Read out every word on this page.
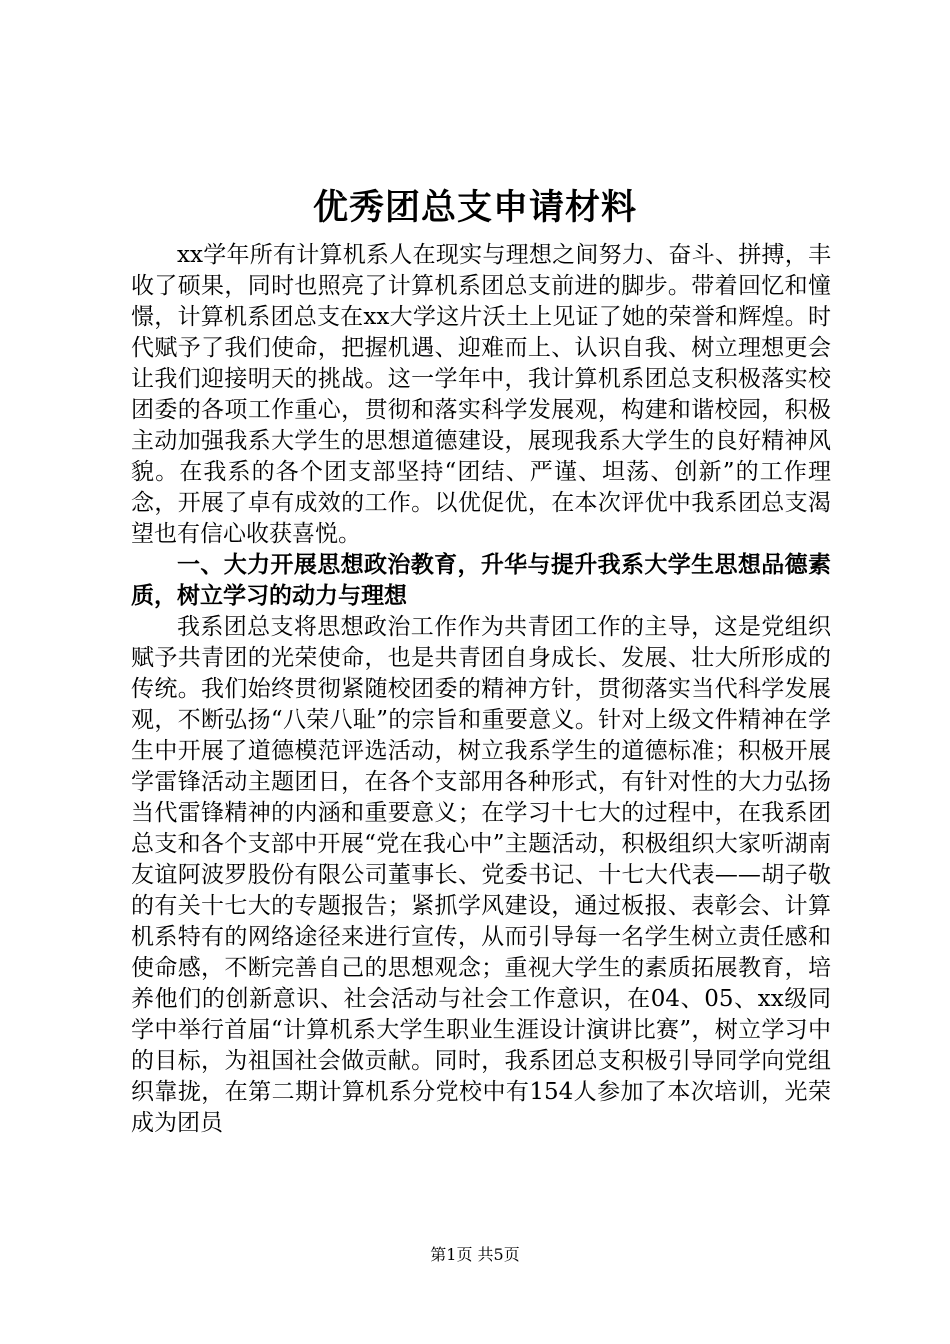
优秀团总支申请材料

xx学年所有计算机系人在现实与理想之间努力、奋斗、拼搏，丰收了硕果，同时也照亮了计算机系团总支前进的脚步。带着回忆和憧憬，计算机系团总支在xx大学这片沃土上见证了她的荣誉和辉煌。时代赋予了我们使命，把握机遇、迎难而上、认识自我、树立理想更会让我们迎接明天的挑战。这一学年中，我计算机系团总支积极落实校团委的各项工作重心，贯彻和落实科学发展观，构建和谐校园，积极主动加强我系大学生的思想道德建设，展现我系大学生的良好精神风貌。在我系的各个团支部坚持“团结、严谨、坦荡、创新”的工作理念，开展了卓有成效的工作。以优促优，在本次评优中我系团总支渴望也有信心收获喜悦。

一、大力开展思想政治教育，升华与提升我系大学生思想品德素质，树立学习的动力与理想

我系团总支将思想政治工作作为共青团工作的主导，这是党组织赋予共青团的光荣使命，也是共青团自身成长、发展、壮大所形成的传统。我们始终贯彻紧随校团委的精神方针，贯彻落实当代科学发展观，不断弘扬“八荣八耻”的宗旨和重要意义。针对上级文件精神在学生中开展了道德模范评选活动，树立我系学生的道德标准；积极开展学雷锋活动主题团日，在各个支部用各种形式，有针对性的大力弘扬当代雷锋精神的内涵和重要意义；在学习十七大的过程中，在我系团总支和各个支部中开展“党在我心中”主题活动，积极组织大家听湖南友谊阿波罗股份有限公司董事长、党委书记、十七大代表——胡子敬的有关十七大的专题报告；紧抓学风建设，通过板报、表彰会、计算机系特有的网络途径来进行宣传，从而引导每一名学生树立责任感和使命感，不断完善自己的思想观念；重视大学生的素质拓展教育，培养他们的创新意识、社会活动与社会工作意识，在04、05、xx级同学中举行首届“计算机系大学生职业生涯设计演讲比赛”，树立学习中的目标，为祖国社会做贡献。同时，我系团总支积极引导同学向党组织靠拢，在第二期计算机系分党校中有154人参加了本次培训，光荣成为团员

第1页 共5页
